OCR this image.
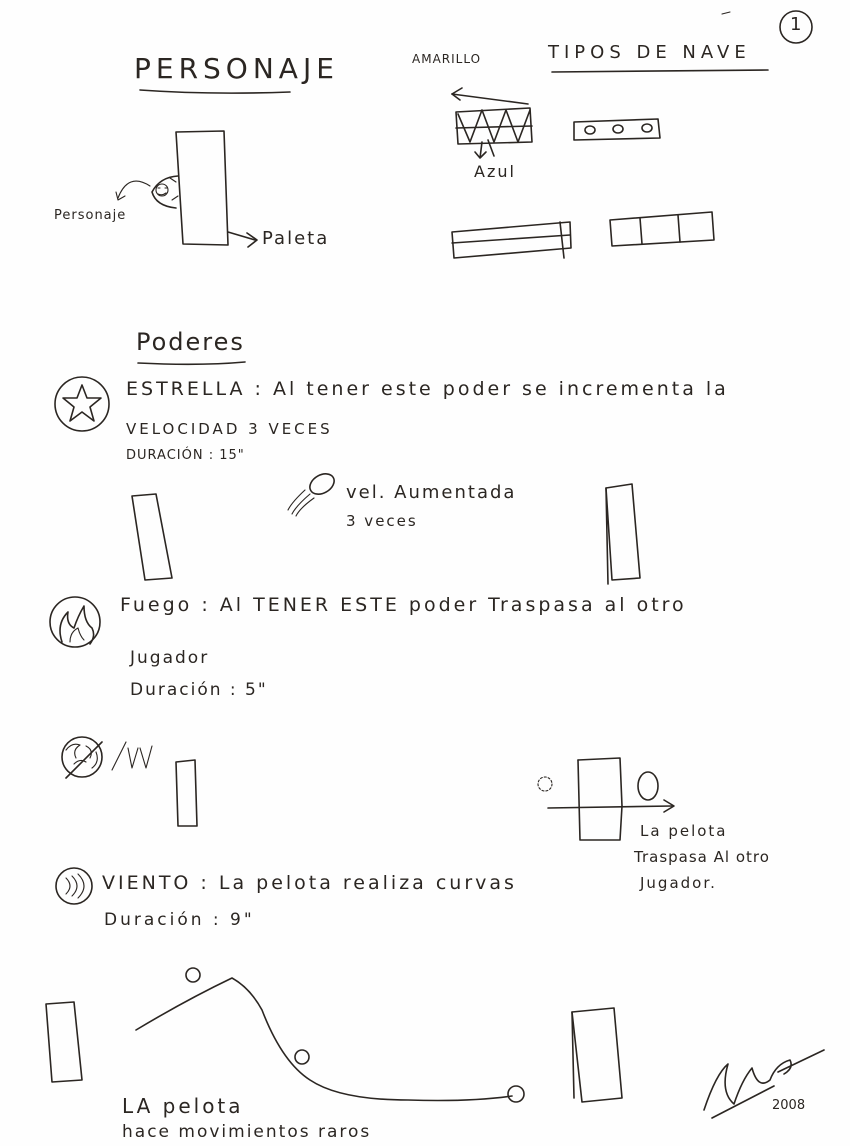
1
PERSONAJE	AMARILLO	TIPOS DE NAVE
Azul
Personaje
Paleta
Poderes
ESTRELLA : Al tener este poder se incrementa la
VELOCIDAD 3 VECES
DURACIÓN : 15"
vel. Aumentada
3 veces
Fuego : Al TENER ESTE poder Traspasa al otro
Jugador
Duración : 5"
La pelota
Traspasa Al otro
Jugador.
VIENTO : La pelota realiza curvas
Duración : 9"
LA pelota
hace movimientos raros
2008
